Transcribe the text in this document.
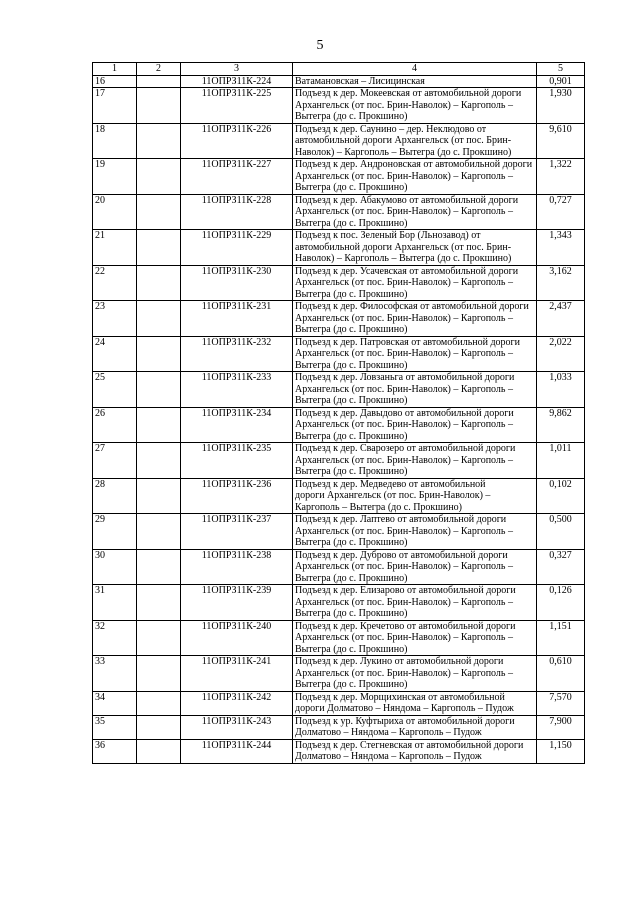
5
1	2	3	4	5
16		11ОПРЗ11К-224	Ватамановская – Лисицинская	0,901
17		11ОПРЗ11К-225	Подъезд к дер. Мокеевская от автомобильной дороги
Архангельск (от пос. Брин-Наволок) – Каргополь –
Вытегра (до с. Прокшино)	1,930
18		11ОПРЗ11К-226	Подъезд к дер. Саунино – дер. Неклюдово от
автомобильной дороги Архангельск (от пос. Брин-
Наволок) – Каргополь – Вытегра (до с. Прокшино)	9,610
19		11ОПРЗ11К-227	Подъезд к дер. Андроновская от автомобильной дороги
Архангельск (от пос. Брин-Наволок) – Каргополь –
Вытегра (до с. Прокшино)	1,322
20		11ОПРЗ11К-228	Подъезд к дер. Абакумово от автомобильной дороги
Архангельск (от пос. Брин-Наволок) – Каргополь –
Вытегра (до с. Прокшино)	0,727
21		11ОПРЗ11К-229	Подъезд к пос. Зеленый Бор (Льнозавод) от
автомобильной дороги Архангельск (от пос. Брин-
Наволок) – Каргополь – Вытегра (до с. Прокшино)	1,343
22		11ОПРЗ11К-230	Подъезд к дер. Усачевская от автомобильной дороги
Архангельск (от пос. Брин-Наволок) – Каргополь –
Вытегра (до с. Прокшино)	3,162
23		11ОПРЗ11К-231	Подъезд к дер. Философская от автомобильной дороги
Архангельск (от пос. Брин-Наволок) – Каргополь –
Вытегра (до с. Прокшино)	2,437
24		11ОПРЗ11К-232	Подъезд к дер. Патровская от автомобильной дороги
Архангельск (от пос. Брин-Наволок) – Каргополь –
Вытегра (до с. Прокшино)	2,022
25		11ОПРЗ11К-233	Подъезд к дер. Ловзаньга от автомобильной дороги
Архангельск (от пос. Брин-Наволок) – Каргополь –
Вытегра (до с. Прокшино)	1,033
26		11ОПРЗ11К-234	Подъезд к дер. Давыдово от автомобильной дороги
Архангельск (от пос. Брин-Наволок) – Каргополь –
Вытегра (до с. Прокшино)	9,862
27		11ОПРЗ11К-235	Подъезд к дер. Сварозеро от автомобильной дороги
Архангельск (от пос. Брин-Наволок) – Каргополь –
Вытегра (до с. Прокшино)	1,011
28		11ОПРЗ11К-236	Подъезд к дер. Медведево от автомобильной
дороги Архангельск (от пос. Брин-Наволок) –
Каргополь – Вытегра (до с. Прокшино)	0,102
29		11ОПРЗ11К-237	Подъезд к дер. Лаптево от автомобильной дороги
Архангельск (от пос. Брин-Наволок) – Каргополь –
Вытегра (до с. Прокшино)	0,500
30		11ОПРЗ11К-238	Подъезд к дер. Дуброво от автомобильной дороги
Архангельск (от пос. Брин-Наволок) – Каргополь –
Вытегра (до с. Прокшино)	0,327
31		11ОПРЗ11К-239	Подъезд к дер. Елизарово от автомобильной дороги
Архангельск (от пос. Брин-Наволок) – Каргополь –
Вытегра (до с. Прокшино)	0,126
32		11ОПРЗ11К-240	Подъезд к дер. Кречетово от автомобильной дороги
Архангельск (от пос. Брин-Наволок) – Каргополь –
Вытегра (до с. Прокшино)	1,151
33		11ОПРЗ11К-241	Подъезд к дер. Лукино от автомобильной дороги
Архангельск (от пос. Брин-Наволок) – Каргополь –
Вытегра (до с. Прокшино)	0,610
34		11ОПРЗ11К-242	Подъезд к дер. Морщихинская от автомобильной
дороги Долматово – Няндома – Каргополь – Пудож	7,570
35		11ОПРЗ11К-243	Подъезд к ур. Куфтыриха от автомобильной дороги
Долматово – Няндома – Каргополь – Пудож	7,900
36		11ОПРЗ11К-244	Подъезд к дер. Стегневская от автомобильной дороги
Долматово – Няндома – Каргополь – Пудож	1,150
